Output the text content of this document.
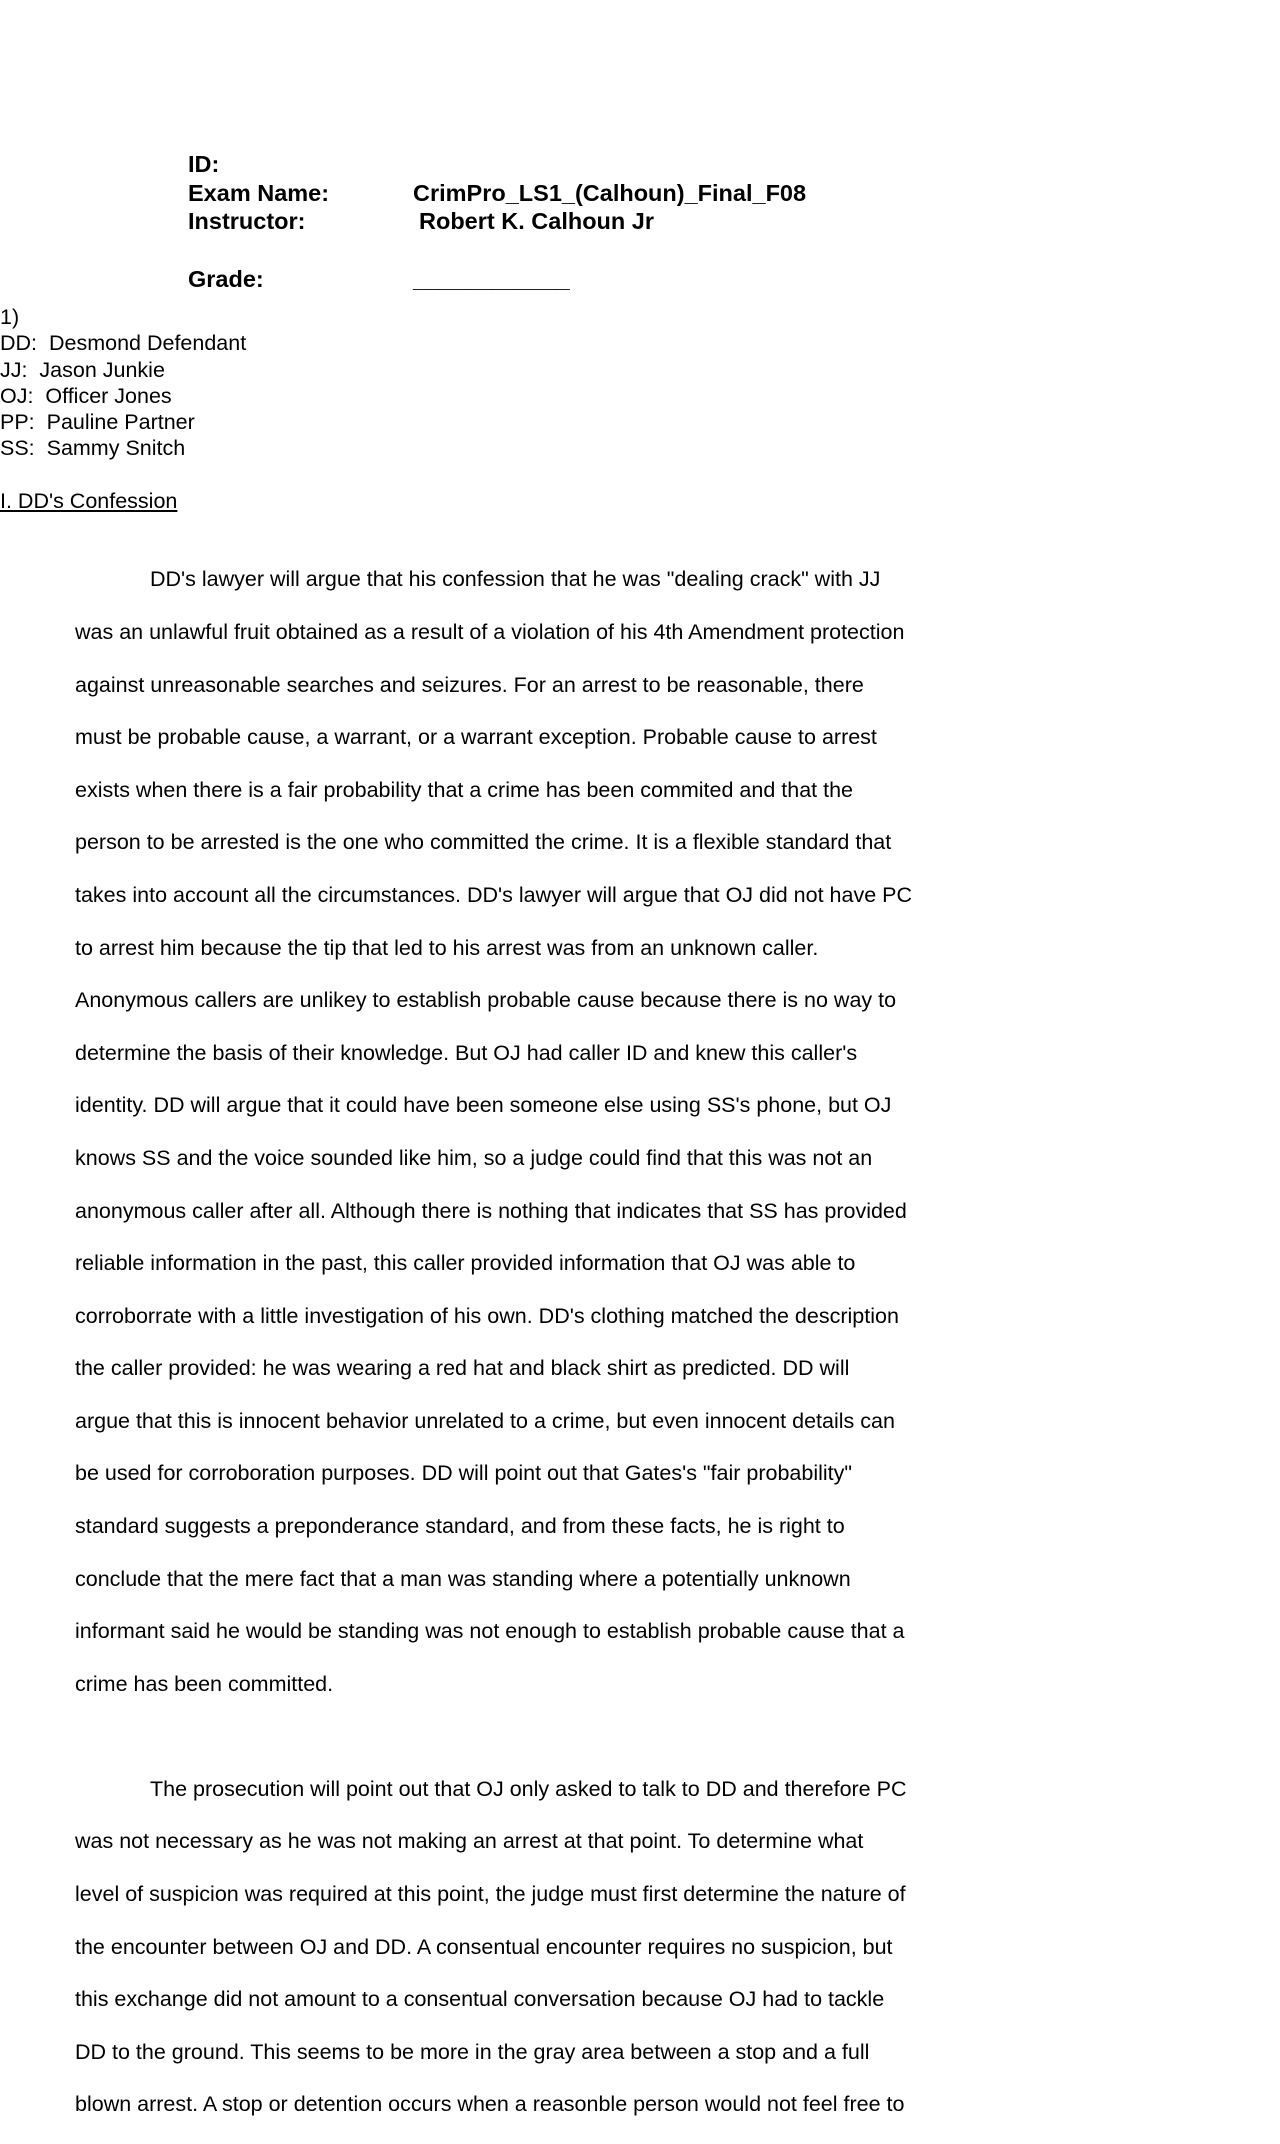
ID:
Exam Name:	CrimPro_LS1_(Calhoun)_Final_F08
Instructor:	Robert K. Calhoun Jr
Grade:	____________
1)
DD:  Desmond Defendant
JJ:  Jason Junkie
OJ:  Officer Jones
PP:  Pauline Partner
SS:  Sammy Snitch
I. DD's Confession

DD's lawyer will argue that his confession that he was "dealing crack" with JJ

was an unlawful fruit obtained as a result of a violation of his 4th Amendment protection

against unreasonable searches and seizures. For an arrest to be reasonable, there

must be probable cause, a warrant, or a warrant exception. Probable cause to arrest

exists when there is a fair probability that a crime has been commited and that the

person to be arrested is the one who committed the crime. It is a flexible standard that

takes into account all the circumstances. DD's lawyer will argue that OJ did not have PC

to arrest him because the tip that led to his arrest was from an unknown caller.

Anonymous callers are unlikey to establish probable cause because there is no way to

determine the basis of their knowledge. But OJ had caller ID and knew this caller's

identity. DD will argue that it could have been someone else using SS's phone, but OJ

knows SS and the voice sounded like him, so a judge could find that this was not an

anonymous caller after all. Although there is nothing that indicates that SS has provided

reliable information in the past, this caller provided information that OJ was able to

corroborrate with a little investigation of his own. DD's clothing matched the description

the caller provided: he was wearing a red hat and black shirt as predicted. DD will

argue that this is innocent behavior unrelated to a crime, but even innocent details can

be used for corroboration purposes. DD will point out that Gates's "fair probability"

standard suggests a preponderance standard, and from these facts, he is right to

conclude that the mere fact that a man was standing where a potentially unknown

informant said he would be standing was not enough to establish probable cause that a

crime has been committed.

The prosecution will point out that OJ only asked to talk to DD and therefore PC

was not necessary as he was not making an arrest at that point. To determine what

level of suspicion was required at this point, the judge must first determine the nature of

the encounter between OJ and DD. A consentual encounter requires no suspicion, but

this exchange did not amount to a consentual conversation because OJ had to tackle

DD to the ground. This seems to be more in the gray area between a stop and a full

blown arrest. A stop or detention occurs when a reasonble person would not feel free to
